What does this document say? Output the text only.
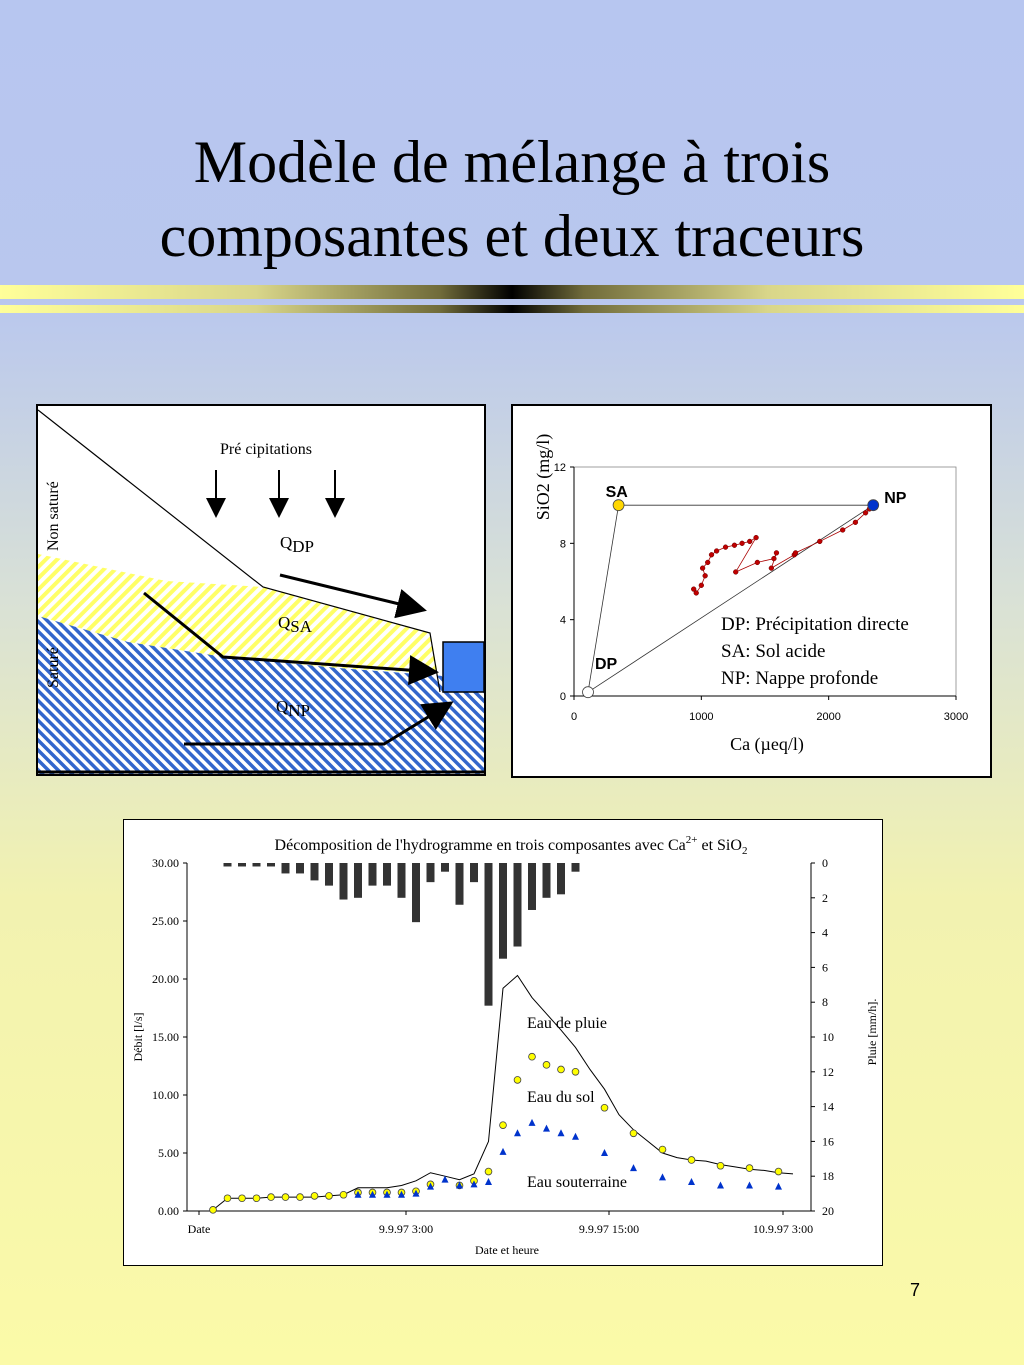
Modèle de mélange à trois
composantes et deux traceurs
Pré cipitations
Non saturé
Saturé
QDP
QSA
QNP
0
4
8
12
0	1000	2000	3000
Ca (µeq/l)
SiO2 (mg/l)	SA	NP
DP
DP: Précipitation directe
SA: Sol acide
NP: Nappe profonde
Décomposition de l'hydrogramme en trois composantes avec $Ca^{2+}$ et SiO$_2$
0.00
5.00
10.00
15.00
20.00
25.00
30.00	0
2
4
6
8
10
12
14
16
18
20
Date	9.9.97 3:00	9.9.97 15:00	10.9.97 3:00
Date et heure
Débit [l/s]	Pluie [mm/h].
Eau de pluie
Eau du sol
Eau souterraine
7
